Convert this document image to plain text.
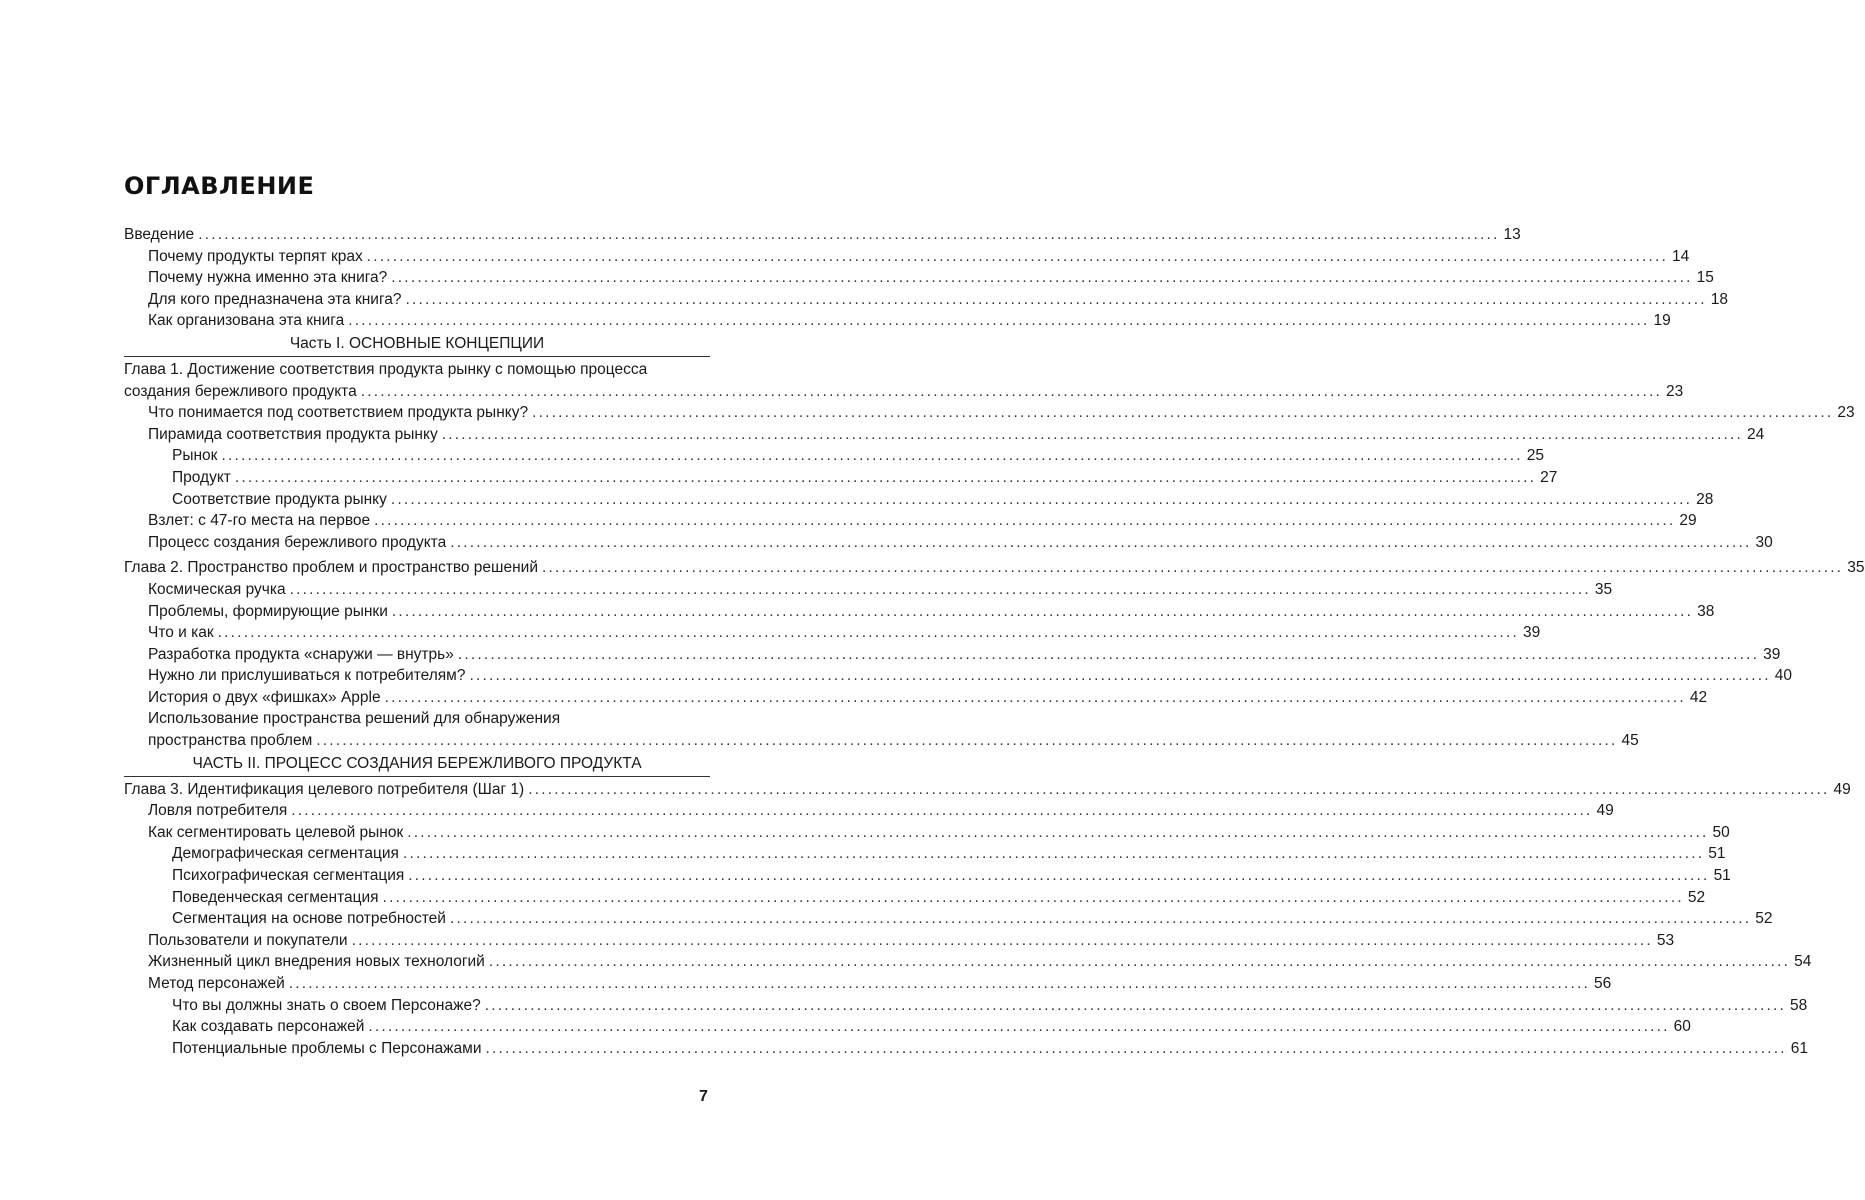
ОГЛАВЛЕНИЕ
Введение ........................................................................................................................................................................................................ 13
Почему продукты терпят крах ........................................................................................................................................................................................................ 14
Почему нужна именно эта книга? ........................................................................................................................................................................................................ 15
Для кого предназначена эта книга? ........................................................................................................................................................................................................ 18
Как организована эта книга ........................................................................................................................................................................................................ 19
Часть I. ОСНОВНЫЕ КОНЦЕПЦИИ
Глава 1. Достижение соответствия продукта рынку с помощью процесса
создания бережливого продукта ........................................................................................................................................................................................................ 23
Что понимается под соответствием продукта рынку? ........................................................................................................................................................................................................ 23
Пирамида соответствия продукта рынку ........................................................................................................................................................................................................ 24
Рынок ........................................................................................................................................................................................................ 25
Продукт ........................................................................................................................................................................................................ 27
Соответствие продукта рынку ........................................................................................................................................................................................................ 28
Взлет: с 47-го места на первое ........................................................................................................................................................................................................ 29
Процесс создания бережливого продукта ........................................................................................................................................................................................................ 30
Глава 2. Пространство проблем и пространство решений ........................................................................................................................................................................................................ 35
Космическая ручка ........................................................................................................................................................................................................ 35
Проблемы, формирующие рынки ........................................................................................................................................................................................................ 38
Что и как ........................................................................................................................................................................................................ 39
Разработка продукта «снаружи — внутрь» ........................................................................................................................................................................................................ 39
Нужно ли прислушиваться к потребителям? ........................................................................................................................................................................................................ 40
История о двух «фишках» Apple ........................................................................................................................................................................................................ 42
Использование пространства решений для обнаружения
пространства проблем ........................................................................................................................................................................................................ 45
ЧАСТЬ II. ПРОЦЕСС СОЗДАНИЯ БЕРЕЖЛИВОГО ПРОДУКТА
Глава 3. Идентификация целевого потребителя (Шаг 1) ........................................................................................................................................................................................................ 49
Ловля потребителя ........................................................................................................................................................................................................ 49
Как сегментировать целевой рынок ........................................................................................................................................................................................................ 50
Демографическая сегментация ........................................................................................................................................................................................................ 51
Психографическая сегментация ........................................................................................................................................................................................................ 51
Поведенческая сегментация ........................................................................................................................................................................................................ 52
Сегментация на основе потребностей ........................................................................................................................................................................................................ 52
Пользователи и покупатели ........................................................................................................................................................................................................ 53
Жизненный цикл внедрения новых технологий ........................................................................................................................................................................................................ 54
Метод персонажей ........................................................................................................................................................................................................ 56
Что вы должны знать о своем Персонаже? ........................................................................................................................................................................................................ 58
Как создавать персонажей ........................................................................................................................................................................................................ 60
Потенциальные проблемы с Персонажами ........................................................................................................................................................................................................ 61
7
